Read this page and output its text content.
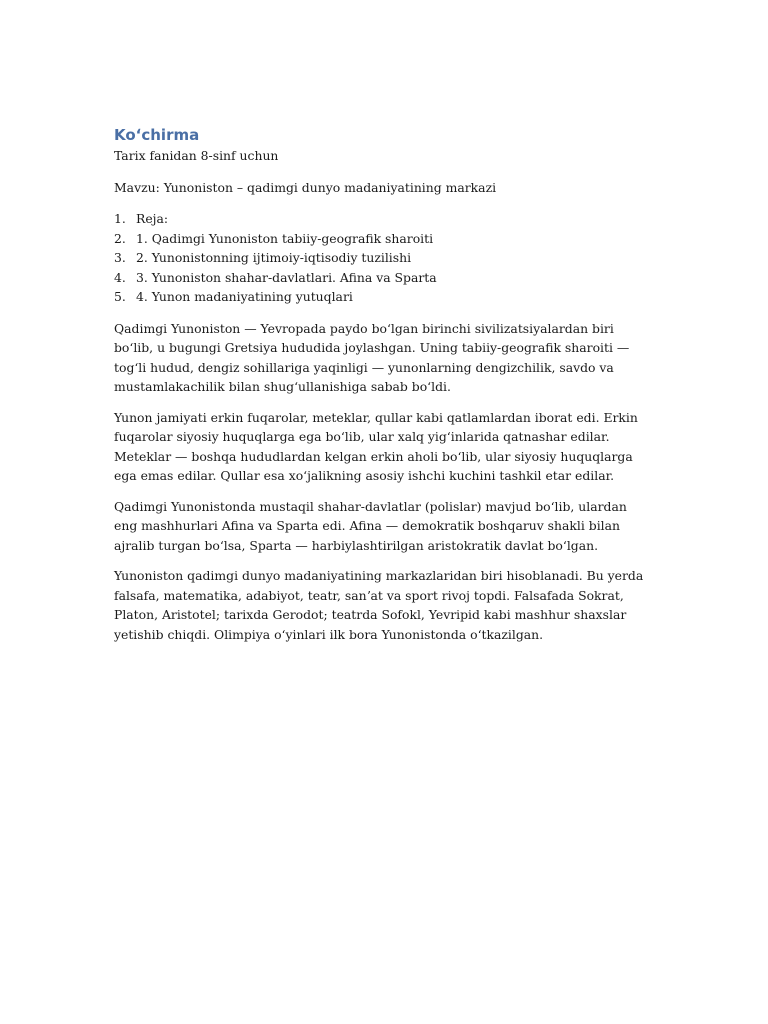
Koʻchirma
Tarix fanidan 8-sinf uchun
Mavzu: Yunoniston – qadimgi dunyo madaniyatining markazi
1. Reja:
2. 1. Qadimgi Yunoniston tabiiy-geografik sharoiti
3. 2. Yunonistonning ijtimoiy-iqtisodiy tuzilishi
4. 3. Yunoniston shahar-davlatlari. Afina va Sparta
5. 4. Yunon madaniyatining yutuqlari

Qadimgi Yunoniston — Yevropada paydo boʻlgan birinchi sivilizatsiyalardan biri boʻlib, u bugungi Gretsiya hududida joylashgan. Uning tabiiy-geografik sharoiti — togʻli hudud, dengiz sohillariga yaqinligi — yunonlarning dengizchilik, savdo va mustamlakachilik bilan shugʻullanishiga sabab boʻldi.

Yunon jamiyati erkin fuqarolar, meteklar, qullar kabi qatlamlardan iborat edi. Erkin fuqarolar siyosiy huquqlarga ega boʻlib, ular xalq yigʻinlarida qatnashar edilar. Meteklar — boshqa hududlardan kelgan erkin aholi boʻlib, ular siyosiy huquqlarga ega emas edilar. Qullar esa xoʻjalikning asosiy ishchi kuchini tashkil etar edilar.

Qadimgi Yunonistonda mustaqil shahar-davlatlar (polislar) mavjud boʻlib, ulardan eng mashhurlari Afina va Sparta edi. Afina — demokratik boshqaruv shakli bilan ajralib turgan boʻlsa, Sparta — harbiylashtirilgan aristokratik davlat boʻlgan.

Yunoniston qadimgi dunyo madaniyatining markazlaridan biri hisoblanadi. Bu yerda falsafa, matematika, adabiyot, teatr, sanʼat va sport rivoj topdi. Falsafada Sokrat, Platon, Aristotel; tarixda Gerodot; teatrda Sofokl, Yevripid kabi mashhur shaxslar yetishib chiqdi. Olimpiya oʻyinlari ilk bora Yunonistonda oʻtkazilgan.
